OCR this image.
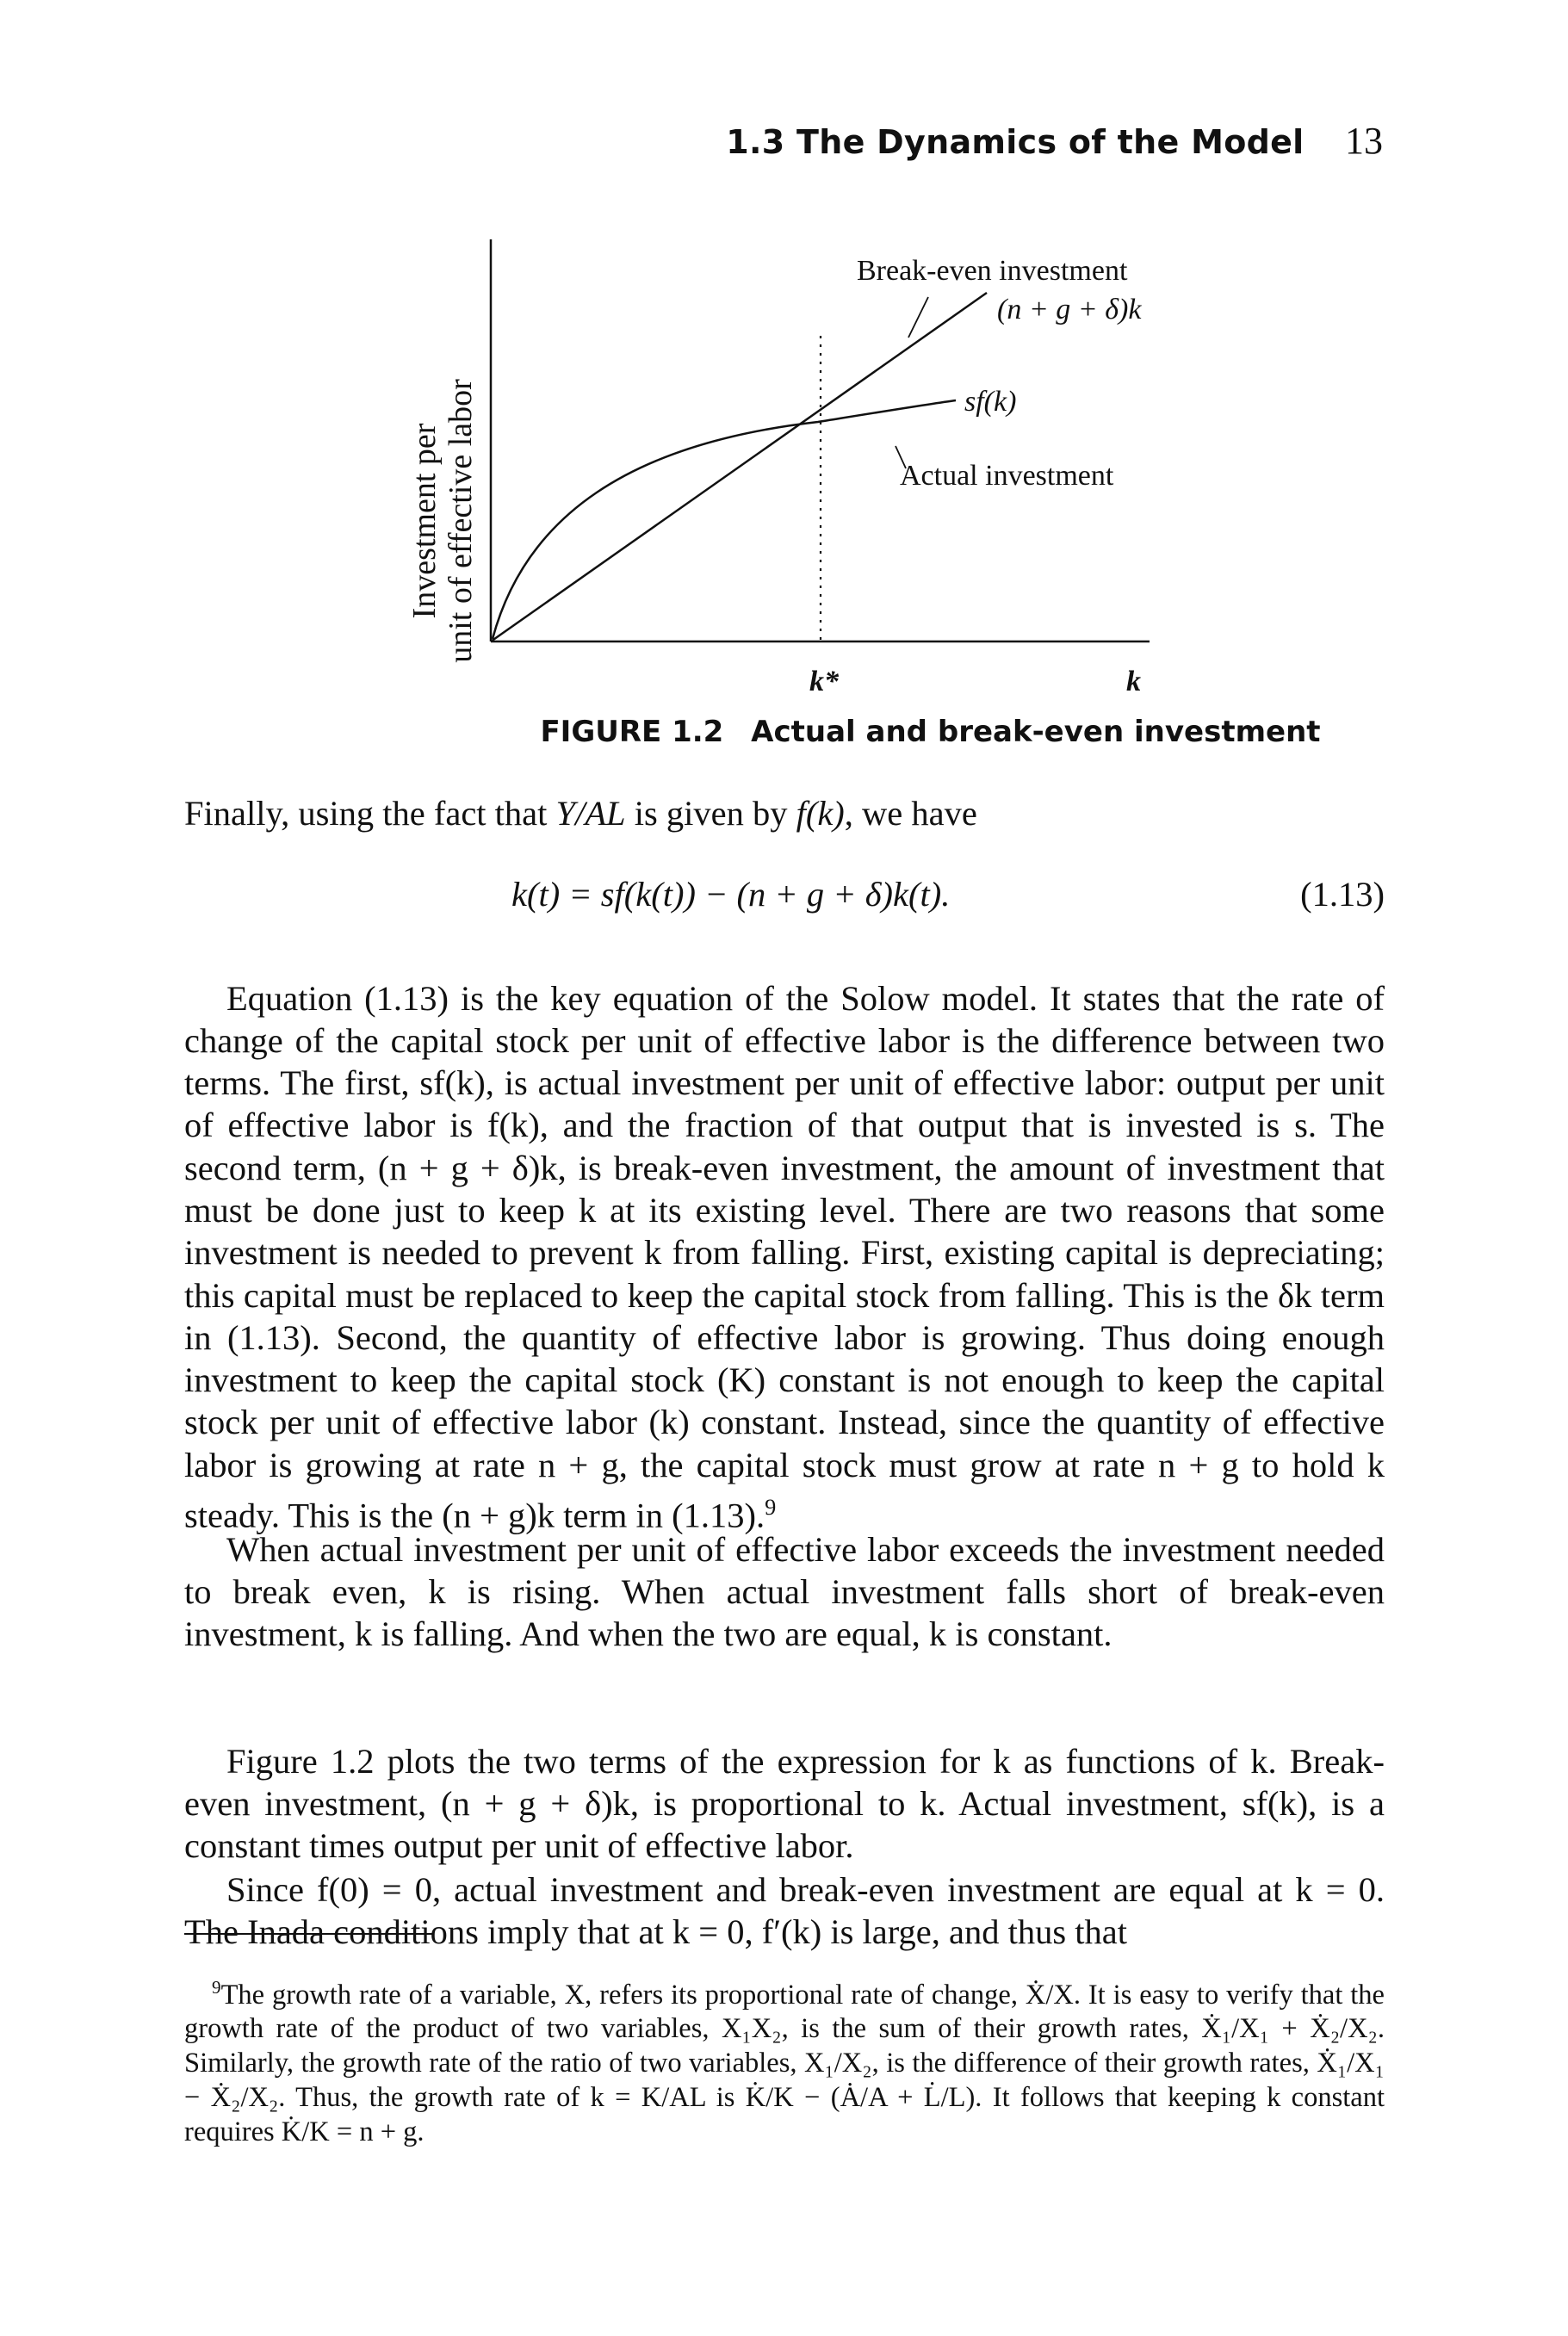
1.3 The Dynamics of the Model 13
Investment per unit of effective labor
Break-even investment
(n + g + δ)k
sf(k)
Actual investment
k*	k
FIGURE 1.2 Actual and break-even investment
Finally, using the fact that Y/AL is given by f(k), we have
k(t) = sf(k(t)) − (n + g + δ)k(t).	(1.13)

Equation (1.13) is the key equation of the Solow model. It states that the rate of change of the capital stock per unit of effective labor is the difference between two terms. The first, sf(k), is actual investment per unit of effective labor: output per unit of effective labor is f(k), and the fraction of that output that is invested is s. The second term, (n + g + δ)k, is break-even investment, the amount of investment that must be done just to keep k at its existing level. There are two reasons that some investment is needed to prevent k from falling. First, existing capital is depreciating; this capital must be replaced to keep the capital stock from falling. This is the δk term in (1.13). Second, the quantity of effective labor is growing. Thus doing enough investment to keep the capital stock (K) constant is not enough to keep the capital stock per unit of effective labor (k) constant. Instead, since the quantity of effective labor is growing at rate n + g, the capital stock must grow at rate n + g to hold k steady. This is the (n + g)k term in (1.13).$^9$

When actual investment per unit of effective labor exceeds the investment needed to break even, k is rising. When actual investment falls short of break-even investment, k is falling. And when the two are equal, k is constant.

Figure 1.2 plots the two terms of the expression for k as functions of k. Break-even investment, (n + g + δ)k, is proportional to k. Actual investment, sf(k), is a constant times output per unit of effective labor.

Since f(0) = 0, actual investment and break-even investment are equal at k = 0. The Inada conditions imply that at k = 0, f′(k) is large, and thus that

$^9$The growth rate of a variable, X, refers its proportional rate of change, Ẋ/X. It is easy to verify that the growth rate of the product of two variables, X₁X₂, is the sum of their growth rates, Ẋ₁/X₁ + Ẋ₂/X₂. Similarly, the growth rate of the ratio of two variables, X₁/X₂, is the difference of their growth rates, Ẋ₁/X₁ − Ẋ₂/X₂. Thus, the growth rate of k = K/AL is K̇/K − (Ȧ/A + L̇/L). It follows that keeping k constant requires K̇/K = n + g.
